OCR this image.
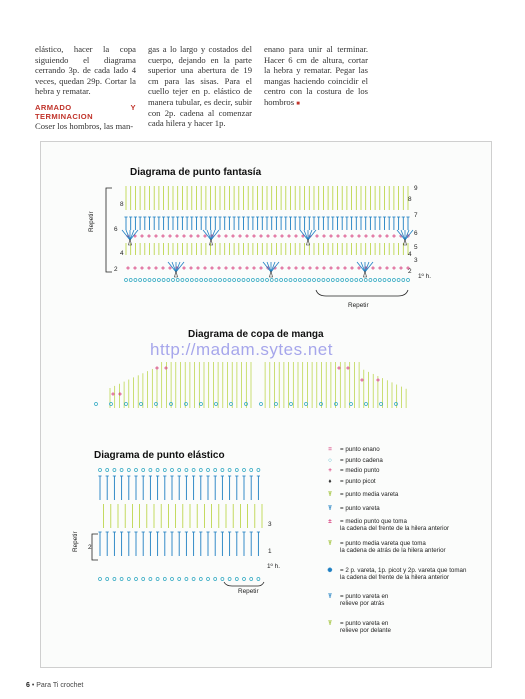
elástico, hacer la copa siguiendo el diagrama cerrando 3p. de cada lado 4 veces, quedan 29p. Cortar la hebra y rematar.

ARMADO Y TERMINACION

Coser los hombros, las man-

gas a lo largo y costados del cuerpo, dejando en la parte superior una abertura de 19 cm para las sisas. Para el cuello tejer en p. elástico de manera tubular, es decir, subir con 2p. cadena al comenzar cada hilera y hacer 1p.

enano para unir al terminar. Hacer 6 cm de altura, cortar la hebra y rematar. Pegar las mangas haciendo coincidir el centro con la costura de los hombros ■

Diagrama de punto fantasía
Diagrama de copa de manga
Diagrama de punto elástico
http://madam.sytes.net
Repetir
Repetir
1º h.
9
8
7
6
5
4
3
2
8
6
4
2
Repetir
Repetir
1º h.
3
1
2
=	= punto enano
○	= punto cadena
+	= medio punto
♦	= punto picot
Ŧ	= punto media vareta
Ŧ	= punto vareta
±	= medio punto que toma
la cadena del frente de la hilera anterior
Ŧ	= punto media vareta que toma
la cadena de atrás de la hilera anterior
✺	= 2 p. vareta, 1p. picot y 2p. vareta que toman
la cadena del frente de la hilera anterior
Ŧ	= punto vareta en
relieve por atrás
Ŧ	= punto vareta en
relieve por delante
6 • Para Ti crochet
